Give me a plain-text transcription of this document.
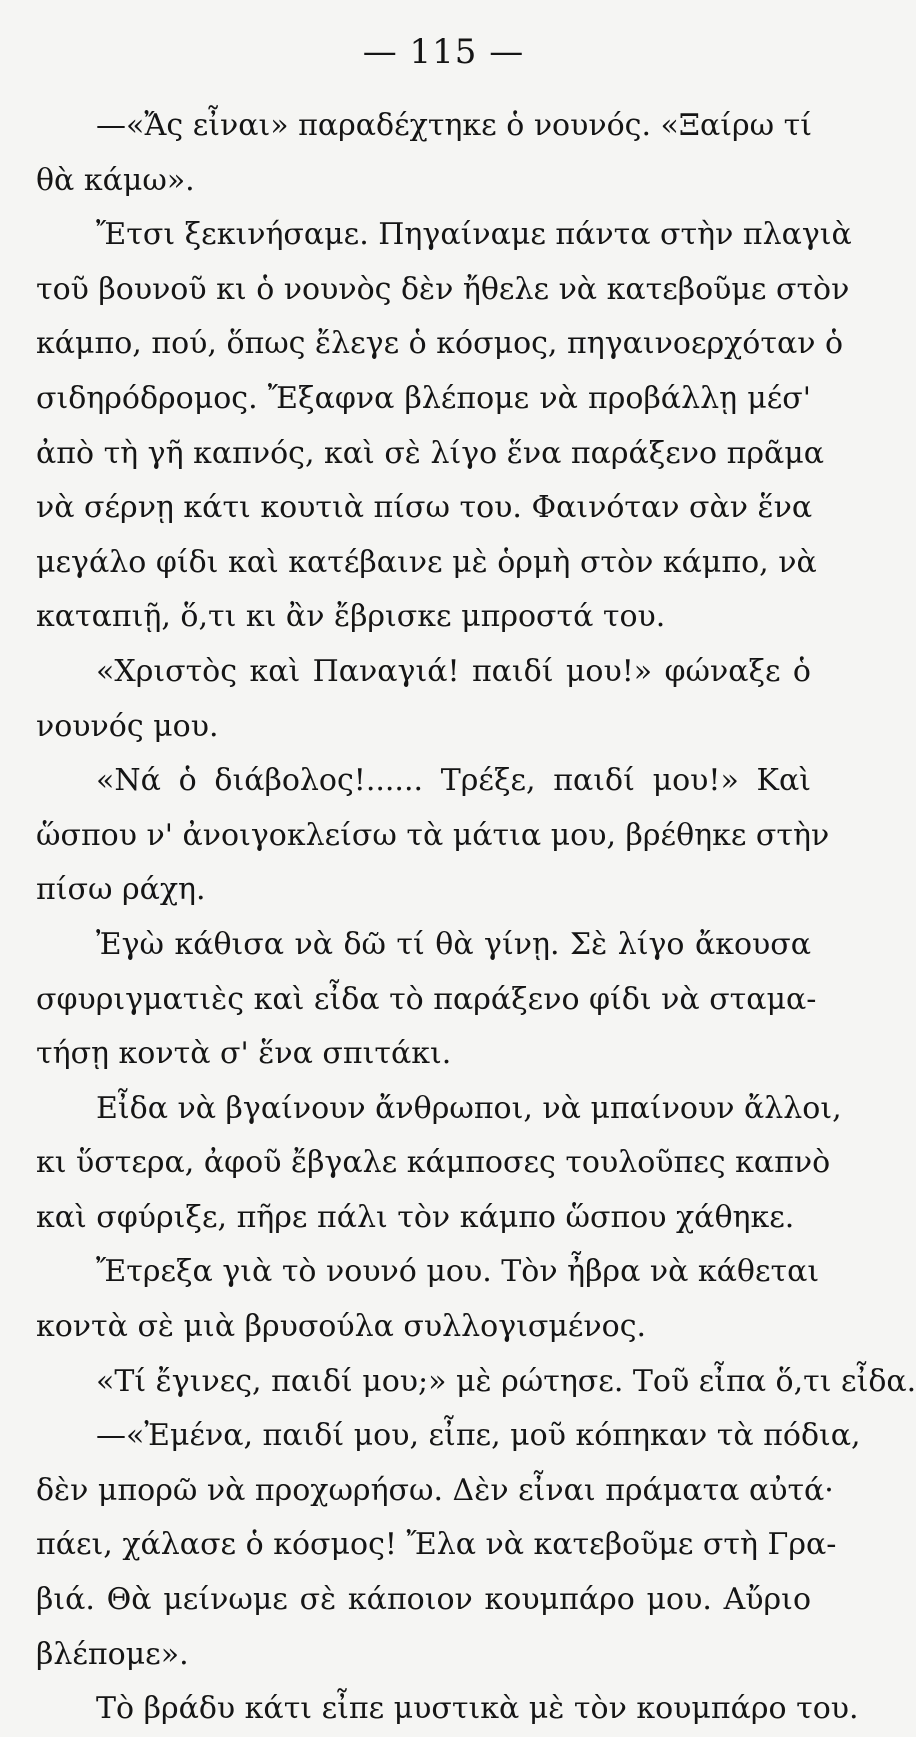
— 115 —
—«Ἄς εἶναι» παραδέχτηκε ὁ νουνός. «Ξαίρω τί
θὰ κάμω».
Ἔτσι ξεκινήσαμε. Πηγαίναμε πάντα στὴν πλαγιὰ
τοῦ βουνοῦ κι ὁ νουνὸς δὲν ἤθελε νὰ κατεβοῦμε στὸν
κάμπο, πού, ὅπως ἔλεγε ὁ κόσμος, πηγαινοερχόταν ὁ
σιδηρόδρομος. Ἔξαφνα βλέπομε νὰ προβάλλῃ μέσ'
ἀπὸ τὴ γῆ καπνός, καὶ σὲ λίγο ἕνα παράξενο πρᾶμα
νὰ σέρνῃ κάτι κουτιὰ πίσω του. Φαινόταν σὰν ἕνα
μεγάλο φίδι καὶ κατέβαινε μὲ ὁρμὴ στὸν κάμπο, νὰ
καταπιῇ, ὅ,τι κι ἂν ἔβρισκε μπροστά του.
«Χριστὸς καὶ Παναγιά! παιδί μου!» φώναξε ὁ
νουνός μου.
«Νά ὁ διάβολος!...... Τρέξε, παιδί μου!» Καὶ
ὥσπου ν' ἀνοιγοκλείσω τὰ μάτια μου, βρέθηκε στὴν
πίσω ράχη.
Ἐγὼ κάθισα νὰ δῶ τί θὰ γίνῃ. Σὲ λίγο ἄκουσα
σφυριγματιὲς καὶ εἶδα τὸ παράξενο φίδι νὰ σταμα-
τήσῃ κοντὰ σ' ἕνα σπιτάκι.
Εἶδα νὰ βγαίνουν ἄνθρωποι, νὰ μπαίνουν ἄλλοι,
κι ὕστερα, ἀφοῦ ἔβγαλε κάμποσες τουλοῦπες καπνὸ
καὶ σφύριξε, πῆρε πάλι τὸν κάμπο ὥσπου χάθηκε.
Ἔτρεξα γιὰ τὸ νουνό μου. Τὸν ἦβρα νὰ κάθεται
κοντὰ σὲ μιὰ βρυσούλα συλλογισμένος.
«Τί ἔγινες, παιδί μου;» μὲ ρώτησε. Τοῦ εἶπα ὅ,τι εἶδα.
—«Ἐμένα, παιδί μου, εἶπε, μοῦ κόπηκαν τὰ πόδια,
δὲν μπορῶ νὰ προχωρήσω. Δὲν εἶναι πράματα αὐτά·
πάει, χάλασε ὁ κόσμος! Ἔλα νὰ κατεβοῦμε στὴ Γρα-
βιά. Θὰ μείνωμε σὲ κάποιον κουμπάρο μου. Αὔριο
βλέπομε».
Τὸ βράδυ κάτι εἶπε μυστικὰ μὲ τὸν κουμπάρο του.
